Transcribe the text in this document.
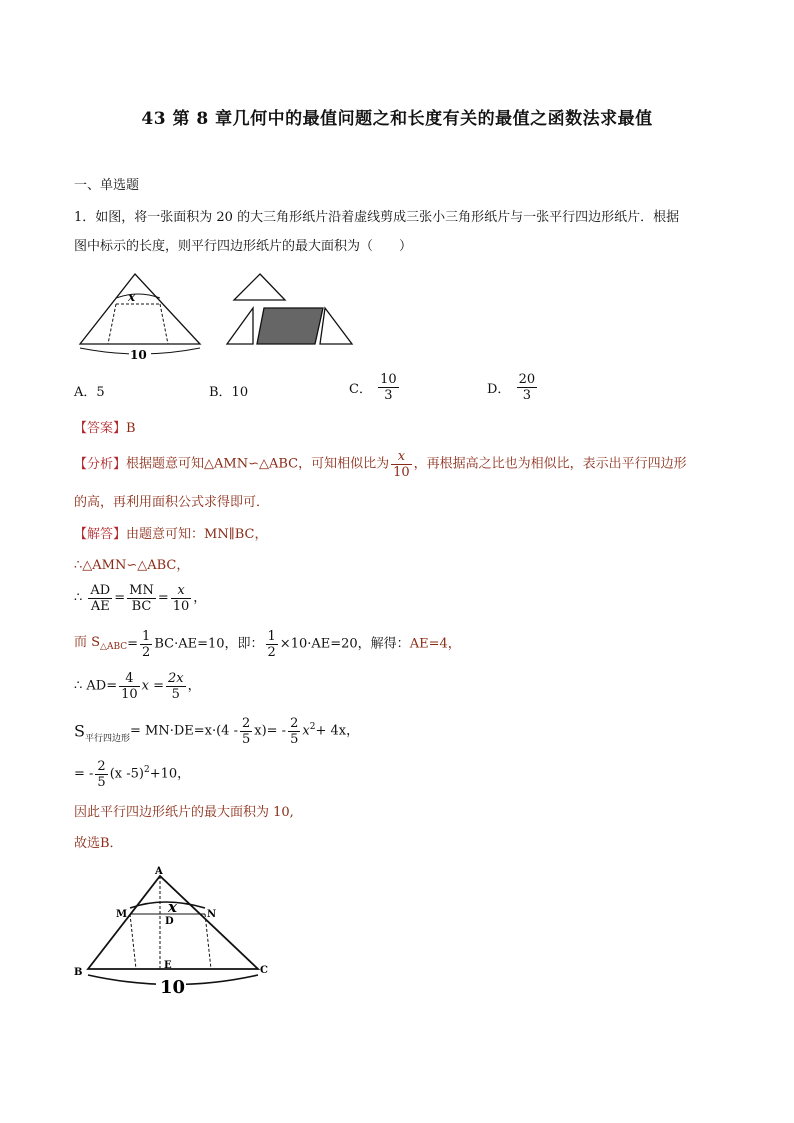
43 第 8 章几何中的最值问题之和长度有关的最值之函数法求最值
一、单选题
1．如图，将一张面积为 20 的大三角形纸片沿着虚线剪成三张小三角形纸片与一张平行四边形纸片．根据
图中标示的长度，则平行四边形纸片的最大面积为（　　）
x
10
A．5	B．10	C． $\frac{10}{3}$	D． $\frac{20}{3}$
【答案】B
【分析】根据题意可知△AMN∽△ABC，可知相似比为 $\frac{x}{10}$ ，再根据高之比也为相似比，表示出平行四边形
的高，再利用面积公式求得即可．
【解答】由题意可知：MN∥BC，
∴△AMN∽△ABC，
∴ $\frac{AD}{AE} = \frac{MN}{BC} = \frac{x}{10}$ ，
而 $S_{\triangle ABC}= \frac{1}{2} BC\cdot AE=10$，即： $\frac{1}{2} \times 10\cdot AE=20$，解得：AE=4，
∴ $AD= \frac{4}{10}$ $x = \frac{2x}{5}$ ，
$S_{平行四边形}= MN\cdot DE=x\cdot(4 - \frac{2}{5} x)= - \frac{2}{5} x^2+ 4x$，
= - $\frac{2}{5} (x$ -5)$^2$+10，
因此平行四边形纸片的最大面积为 10,
故选B．
A
M	N
D
x
B
E	C
10
